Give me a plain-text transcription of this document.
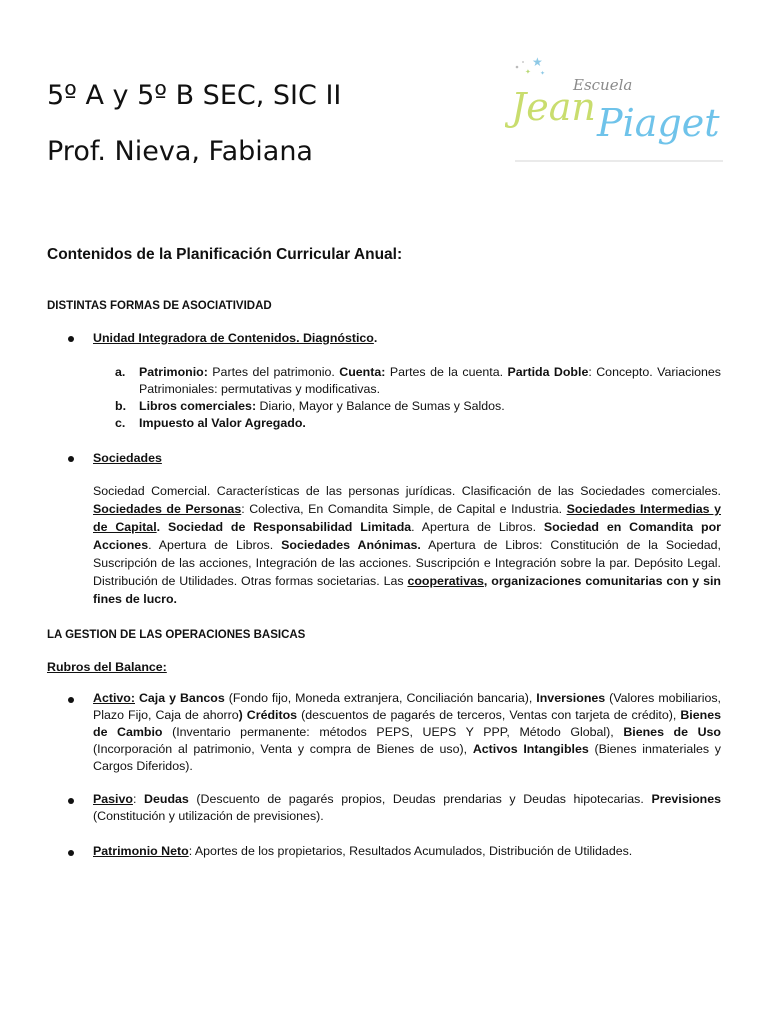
5º A y 5º B SEC, SIC II
Prof. Nieva, Fabiana
★
✦ ✦
Escuela
Jean Piaget
Contenidos de la Planificación Curricular Anual:
DISTINTAS FORMAS DE ASOCIATIVIDAD
Unidad Integradora de Contenidos. Diagnóstico.
a. Patrimonio: Partes del patrimonio. Cuenta: Partes de la cuenta. Partida Doble: Concepto. Variaciones Patrimoniales: permutativas y modificativas.
b. Libros comerciales: Diario, Mayor y Balance de Sumas y Saldos.
c. Impuesto al Valor Agregado.
Sociedades
Sociedad Comercial. Características de las personas jurídicas. Clasificación de las Sociedades comerciales. Sociedades de Personas: Colectiva, En Comandita Simple, de Capital e Industria. Sociedades Intermedias y de Capital. Sociedad de Responsabilidad Limitada. Apertura de Libros. Sociedad en Comandita por Acciones. Apertura de Libros. Sociedades Anónimas. Apertura de Libros: Constitución de la Sociedad, Suscripción de las acciones, Integración de las acciones. Suscripción e Integración sobre la par. Depósito Legal. Distribución de Utilidades. Otras formas societarias. Las cooperativas, organizaciones comunitarias con y sin fines de lucro.
LA GESTION DE LAS OPERACIONES BASICAS
Rubros del Balance:
Activo: Caja y Bancos (Fondo fijo, Moneda extranjera, Conciliación bancaria), Inversiones (Valores mobiliarios, Plazo Fijo, Caja de ahorro) Créditos (descuentos de pagarés de terceros, Ventas con tarjeta de crédito), Bienes de Cambio (Inventario permanente: métodos PEPS, UEPS Y PPP, Método Global), Bienes de Uso (Incorporación al patrimonio, Venta y compra de Bienes de uso), Activos Intangibles (Bienes inmateriales y Cargos Diferidos).
Pasivo: Deudas (Descuento de pagarés propios, Deudas prendarias y Deudas hipotecarias. Previsiones (Constitución y utilización de previsiones).
Patrimonio Neto: Aportes de los propietarios, Resultados Acumulados, Distribución de Utilidades.
